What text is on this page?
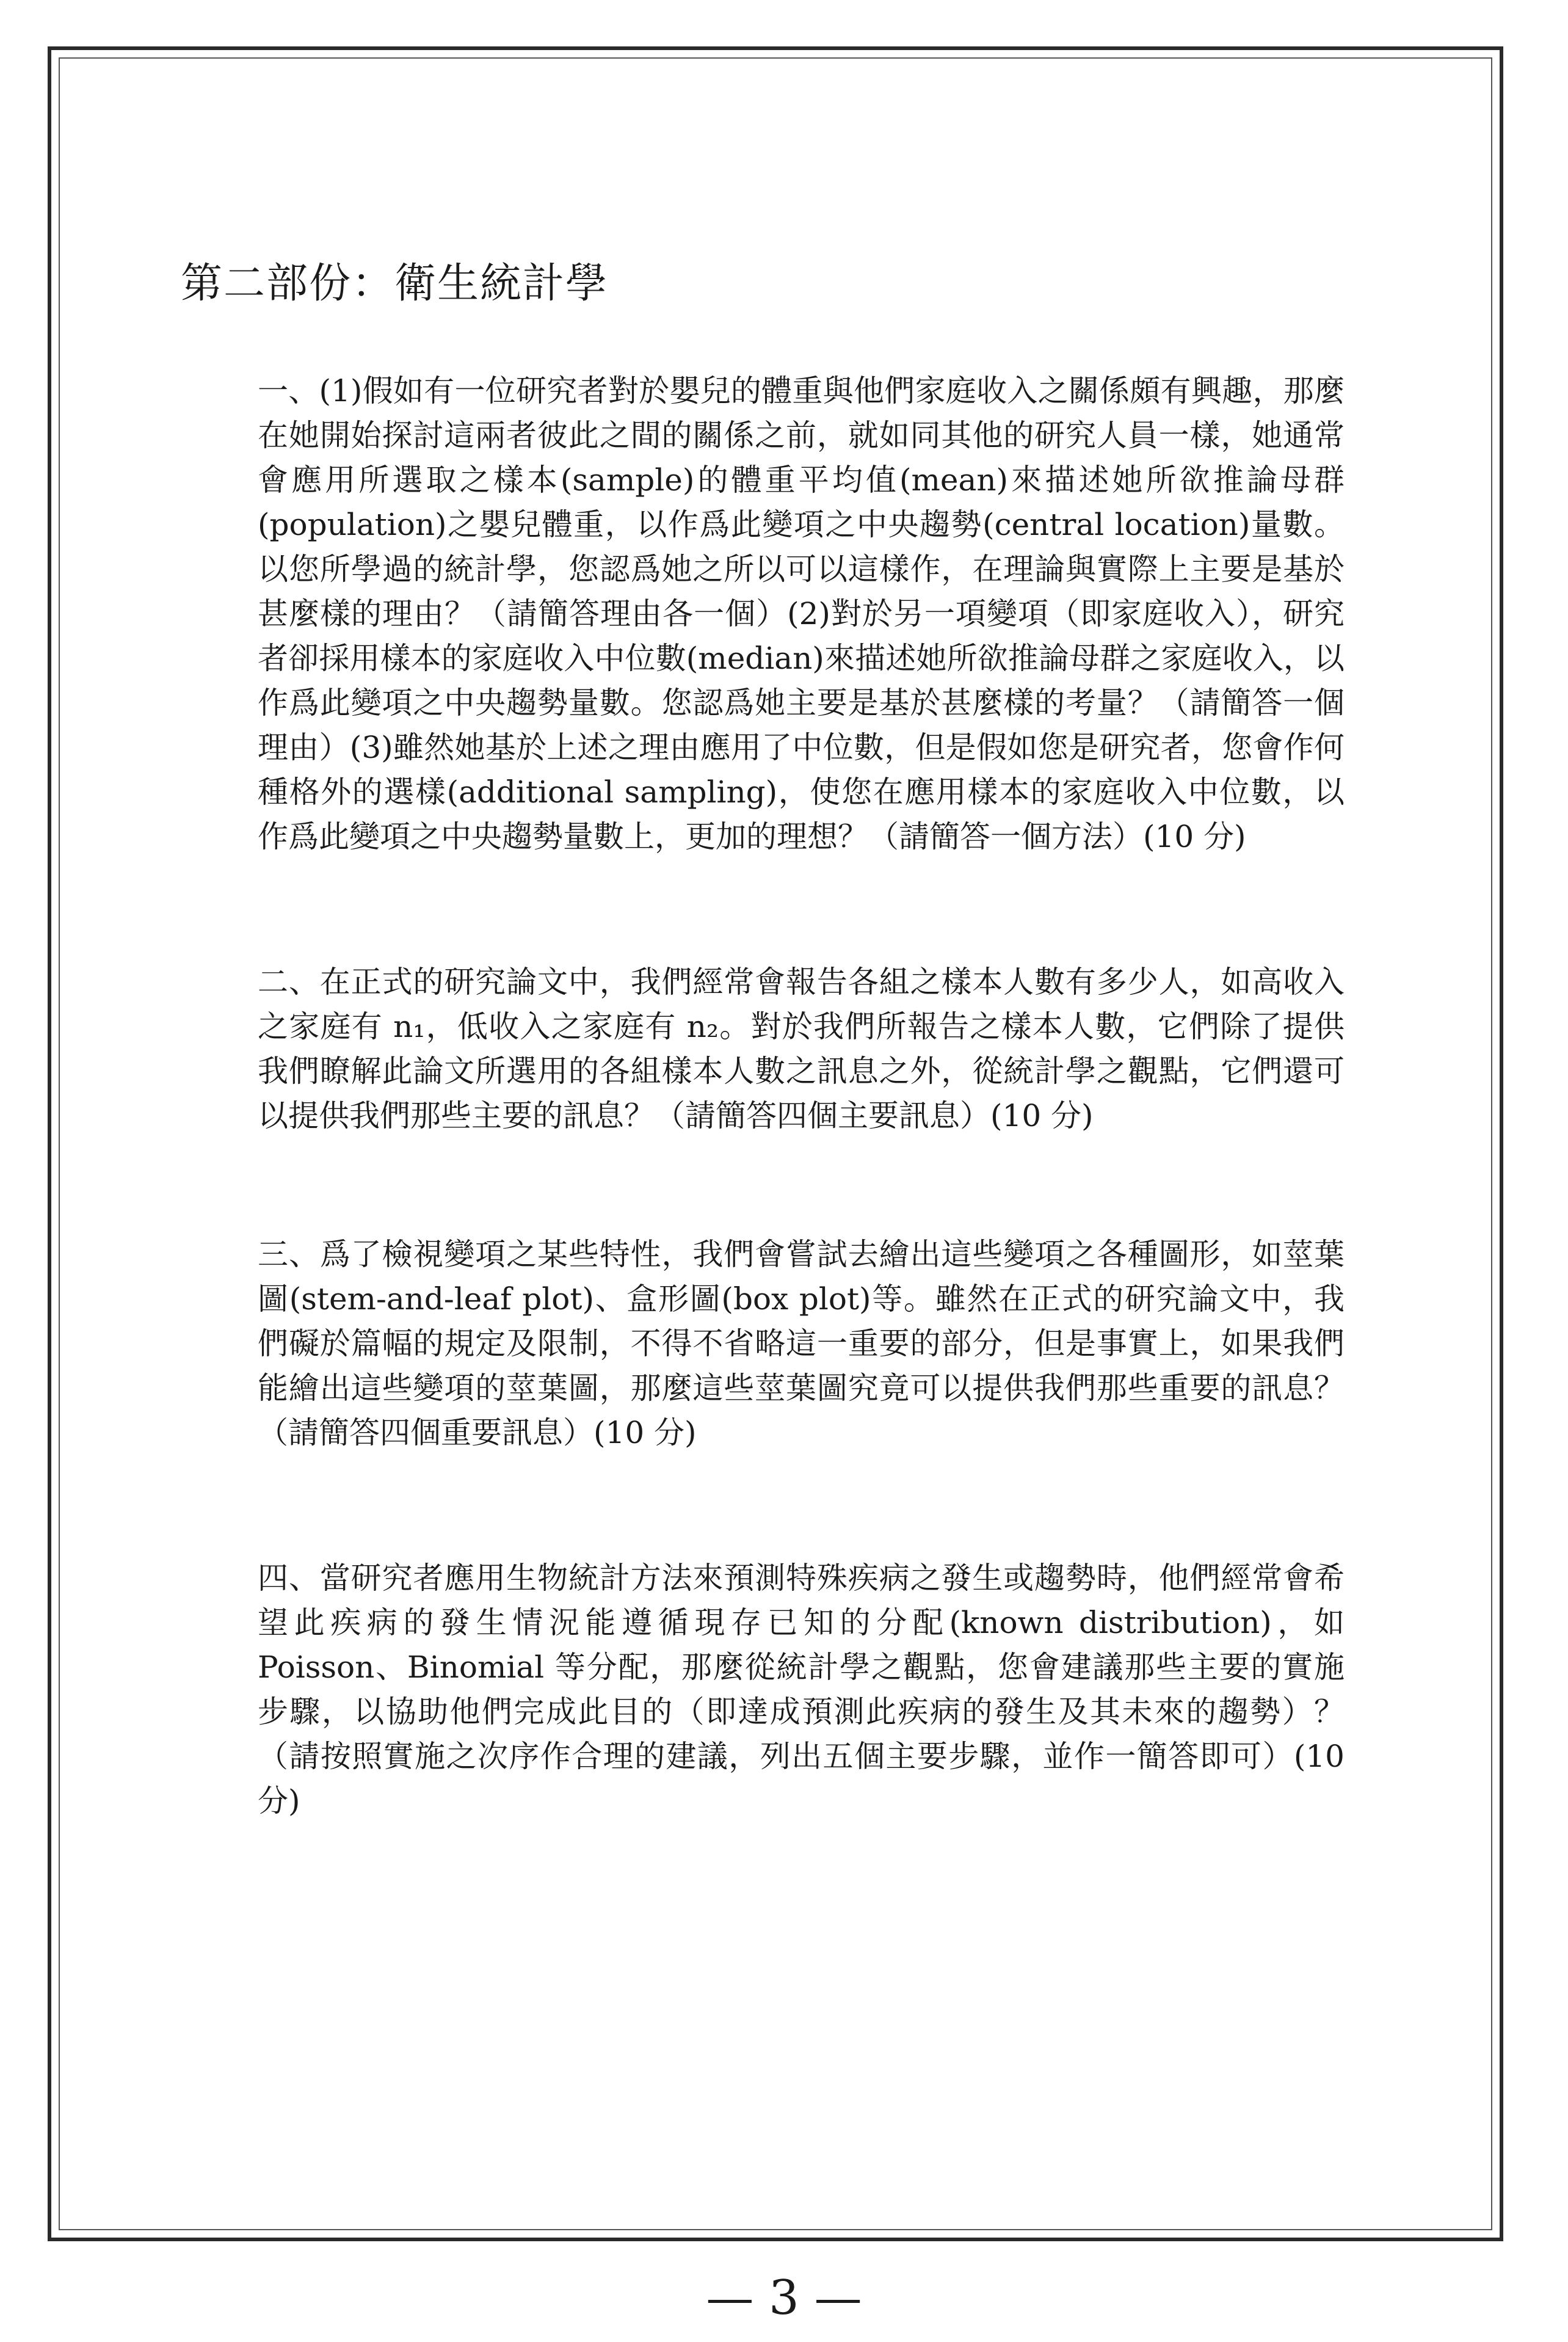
第二部份：衛生統計學

一、(1)假如有一位研究者對於嬰兒的體重與他們家庭收入之關係頗有興趣，那麼在她開始探討這兩者彼此之間的關係之前，就如同其他的研究人員一樣，她通常會應用所選取之樣本(sample)的體重平均值(mean)來描述她所欲推論母群(population)之嬰兒體重，以作爲此變項之中央趨勢(central location)量數。以您所學過的統計學，您認爲她之所以可以這樣作，在理論與實際上主要是基於甚麼樣的理由？（請簡答理由各一個）(2)對於另一項變項（即家庭收入），研究者卻採用樣本的家庭收入中位數(median)來描述她所欲推論母群之家庭收入，以作爲此變項之中央趨勢量數。您認爲她主要是基於甚麼樣的考量？（請簡答一個理由）(3)雖然她基於上述之理由應用了中位數，但是假如您是研究者，您會作何種格外的選樣(additional sampling)，使您在應用樣本的家庭收入中位數，以作爲此變項之中央趨勢量數上，更加的理想？（請簡答一個方法）(10 分)

二、在正式的研究論文中，我們經常會報告各組之樣本人數有多少人，如高收入之家庭有 n₁，低收入之家庭有 n₂。對於我們所報告之樣本人數，它們除了提供我們瞭解此論文所選用的各組樣本人數之訊息之外，從統計學之觀點，它們還可以提供我們那些主要的訊息？（請簡答四個主要訊息）(10 分)

三、爲了檢視變項之某些特性，我們會嘗試去繪出這些變項之各種圖形，如莖葉圖(stem-and-leaf plot)、盒形圖(box plot)等。雖然在正式的研究論文中，我們礙於篇幅的規定及限制，不得不省略這一重要的部分，但是事實上，如果我們能繪出這些變項的莖葉圖，那麼這些莖葉圖究竟可以提供我們那些重要的訊息？（請簡答四個重要訊息）(10 分)

四、當研究者應用生物統計方法來預測特殊疾病之發生或趨勢時，他們經常會希望此疾病的發生情況能遵循現存已知的分配(known distribution)，如 Poisson、Binomial 等分配，那麼從統計學之觀點，您會建議那些主要的實施步驟，以協助他們完成此目的（即達成預測此疾病的發生及其未來的趨勢）？（請按照實施之次序作合理的建議，列出五個主要步驟，並作一簡答即可）(10 分)

— 3 —
